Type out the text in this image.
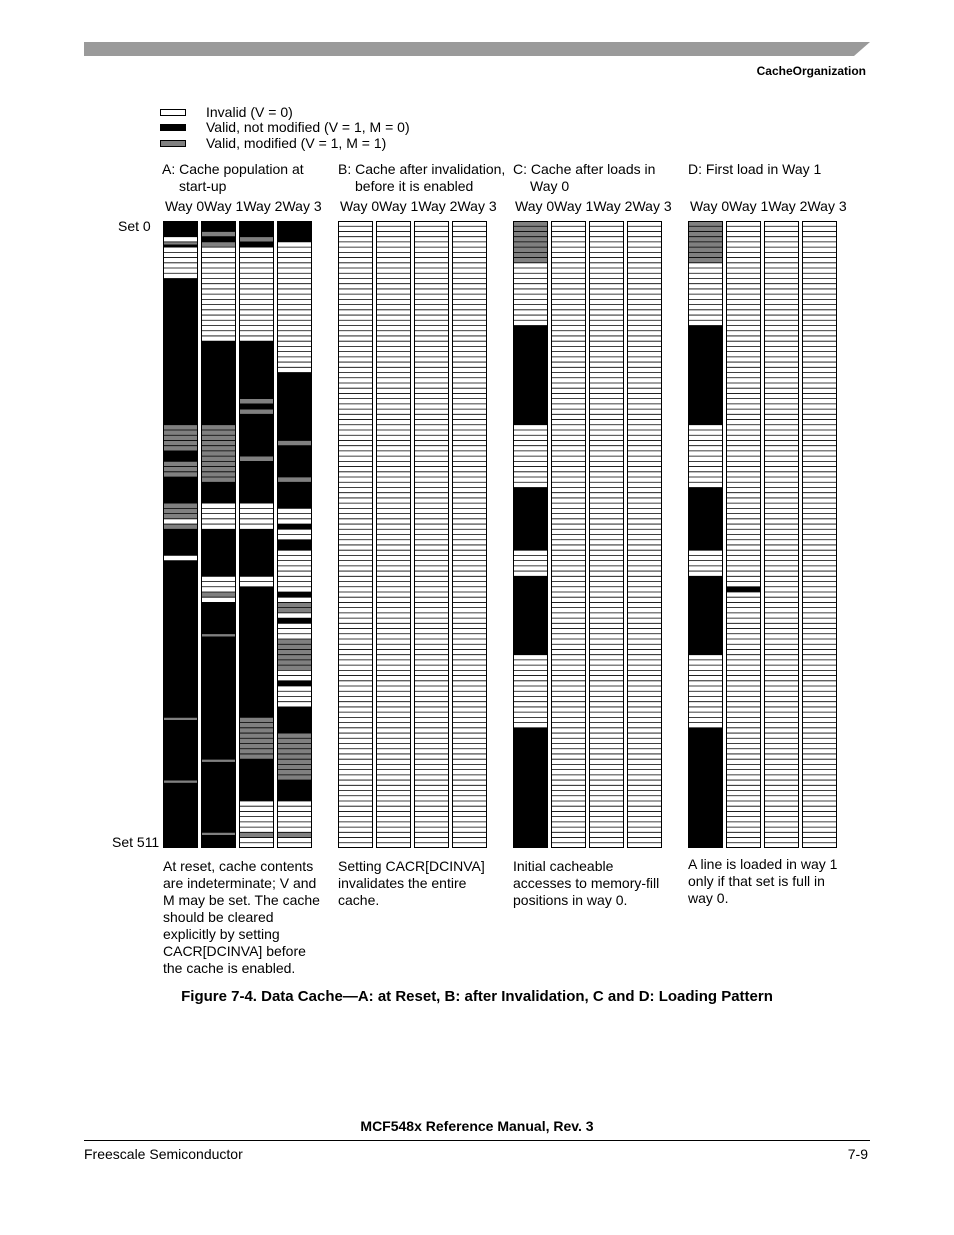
CacheOrganization
Invalid (V = 0)
Valid, not modified (V = 1, M = 0)
Valid, modified (V = 1, M = 1)
A: Cache population at
start-up
B: Cache after invalidation,
before it is enabled
C: Cache after loads in
Way 0
D: First load in Way 1
Way 0Way 1Way 2Way 3 Way 0Way 1Way 2Way 3 Way 0Way 1Way 2Way 3 Way 0Way 1Way 2Way 3
Set 0
Set 511
At reset, cache contents are indeterminate; V and M may be set. The cache should be cleared explicitly by setting CACR[DCINVA] before the cache is enabled.
Setting CACR[DCINVA] invalidates the entire cache.
Initial cacheable accesses to memory-fill positions in way 0.
A line is loaded in way 1 only if that set is full in way 0.
Figure 7-4. Data Cache—A: at Reset, B: after Invalidation, C and D: Loading Pattern
MCF548x Reference Manual, Rev. 3
Freescale Semiconductor	7-9
